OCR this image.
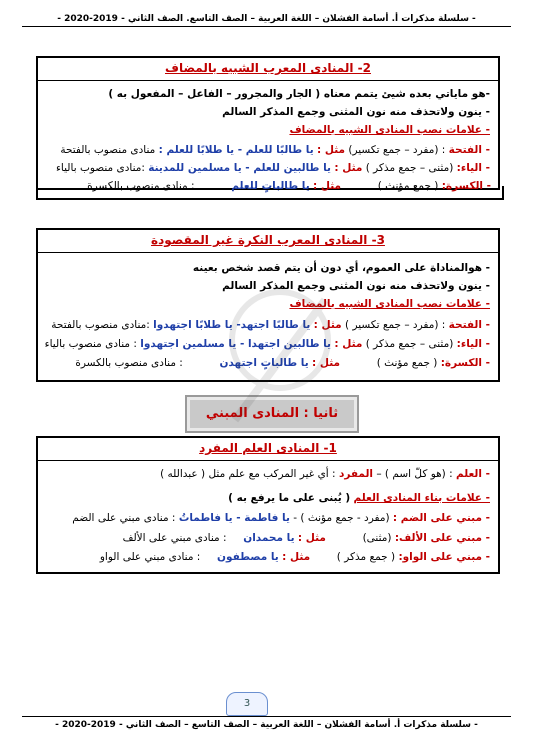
- سلسلة مذكرات أ. أسامة الفشلان – اللغة العربية – الصف التاسع. الصف الثاني - 2019-2020 -
2- المنادى المعرب الشبيه بالمضاف
-هو ماياتي بعده شيئ يتمم معناه ( الجار والمجرور – الفاعل – المفعول به )
- ينون ولاتحذف منه نون المثنى وجمع المذكر السالم
- علامات نصب المنادى الشبيه بالمضاف
- الفتحة : (مفرد – جمع تكسير) مثل : يا طالبًا للعلم - يا طلابًا للعلم : منادى منصوب بالفتحة
- الياء: (مثنى – جمع مذكر ) مثل : يا طالبين للعلم - يا مسلمين للمدينة :منادى منصوب بالياء
- الكسرة: ( جمع مؤنث )  مثل : يا طالباتٍ للعلم  : منادى منصوب بالكسرة
3- المنادى المعرب النكرة غير المقصودة
- هوالمناداة على العموم، أي دون أن يتم قصد شخص بعينه
- ينون ولاتحذف منه نون المثنى وجمع المذكر السالم
- علامات نصب المنادى الشبيه بالمضاف
- الفتحة : (مفرد – جمع تكسير ) مثل : يا طالبًا اجتهد- يا طلابًا اجتهدوا :منادى منصوب بالفتحة
- الياء: (مثنى – جمع مذكر ) مثل : يا طالبين اجتهدا - يا مسلمين اجتهدوا : منادى منصوب بالياء
- الكسرة: ( جمع مؤنث )  مثل : يا طالباتٍ اجتهدن  : منادى منصوب بالكسرة
ثانيا : المنادى المبني
1- المنادى العلم المفرد
- العلم : (هو كلّ اسم ) – المفرد : أي غير المركب مع علم مثل ( عبدالله )
- علامات بناء المنادى العلم ( يُبنى على ما يرفع به )
- مبني على الضم : (مفرد - جمع مؤنث ) - يا فاطمة - يا فاطماتُ : منادى مبني على الضم
- مبني على الألف: (مثنى)  مثل : يا محمدان  : منادى مبني على الألف
- مبني على الواو: ( جمع مذكر )  مثل : يا مصطفون  : منادى مبني على الواو
3
- سلسلة مذكرات أ. أسامة الفشلان – اللغة العربية – الصف التاسع – الصف الثاني - 2019-2020 -
